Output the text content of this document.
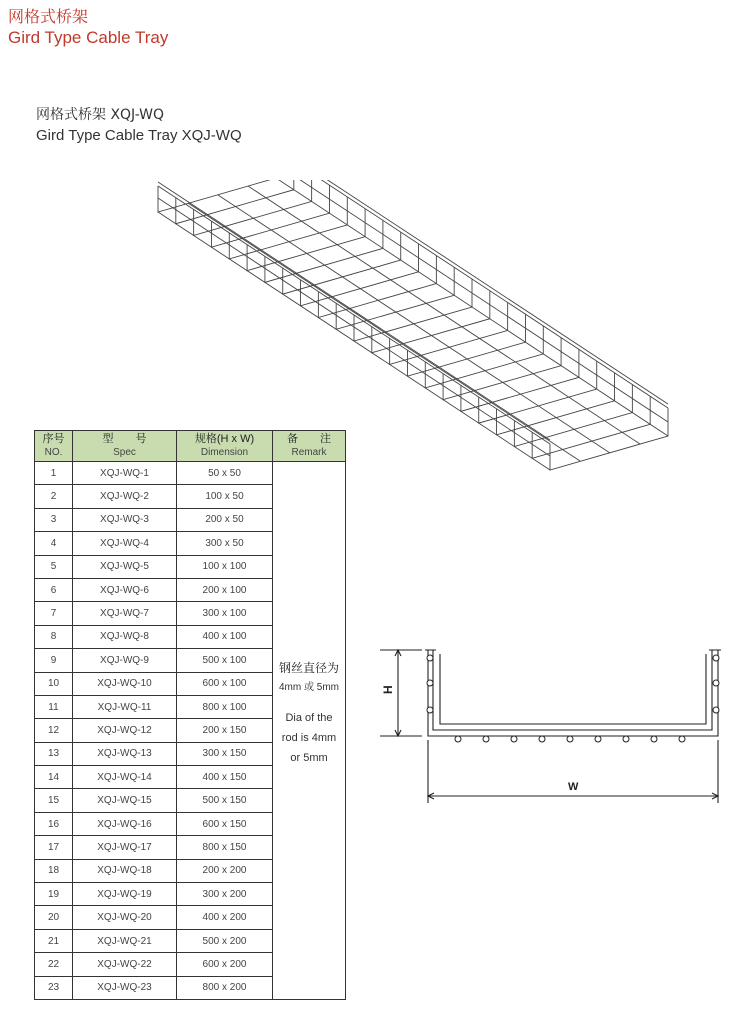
网格式桥架
Gird Type Cable Tray
网格式桥架 XQJ-WQ
Gird Type Cable Tray XQJ-WQ
H
W
序号
NO.	型　　号
Spec	规格(H x W)
Dimension	备　　注
Remark

1	XQJ-WQ-1	50 x 50	钢丝直径为
4mm 或 5mm
Dia of the
rod is 4mm
or 5mm

2	XQJ-WQ-2	100 x 50	
3	XQJ-WQ-3	200 x 50	
4	XQJ-WQ-4	300 x 50	
5	XQJ-WQ-5	100 x 100	
6	XQJ-WQ-6	200 x 100	
7	XQJ-WQ-7	300 x 100	
8	XQJ-WQ-8	400 x 100	
9	XQJ-WQ-9	500 x 100	
10	XQJ-WQ-10	600 x 100	
11	XQJ-WQ-11	800 x 100	
12	XQJ-WQ-12	200 x 150	
13	XQJ-WQ-13	300 x 150	
14	XQJ-WQ-14	400 x 150	
15	XQJ-WQ-15	500 x 150	
16	XQJ-WQ-16	600 x 150	
17	XQJ-WQ-17	800 x 150	
18	XQJ-WQ-18	200 x 200	
19	XQJ-WQ-19	300 x 200	
20	XQJ-WQ-20	400 x 200	
21	XQJ-WQ-21	500 x 200	
22	XQJ-WQ-22	600 x 200	
23	XQJ-WQ-23	800 x 200	
